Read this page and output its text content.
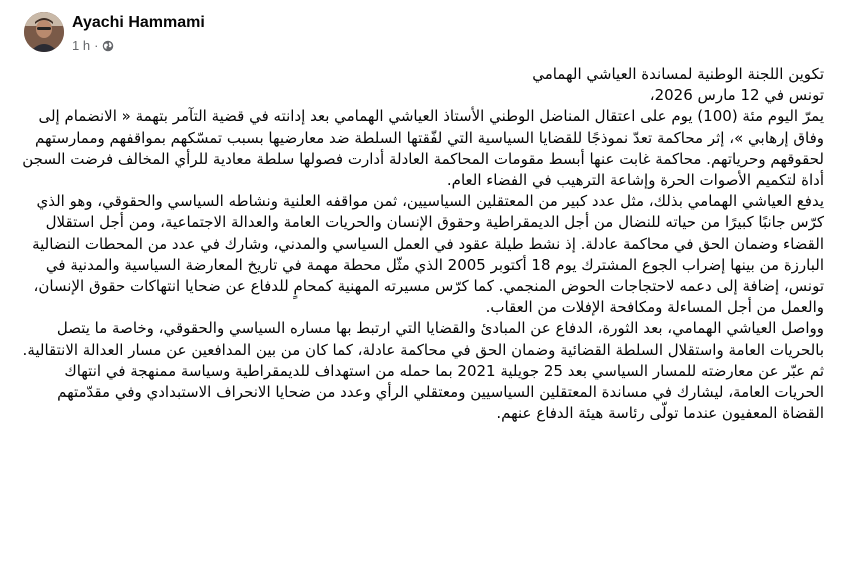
Ayachi Hammami
1 h ·

تكوين اللجنة الوطنية لمساندة العياشي الهمامي

تونس في 12 مارس 2026،

يمرّ اليوم مئة (100) يوم على اعتقال المناضل الوطني الأستاذ العياشي الهمامي بعد إدانته في قضية التآمر بتهمة « الانضمام إلى وفاق إرهابي »، إثر محاكمة تعدّ نموذجًا للقضايا السياسية التي لفّقتها السلطة ضد معارضيها بسبب تمسّكهم بمواقفهم وممارستهم لحقوقهم وحرياتهم. محاكمة غابت عنها أبسط مقومات المحاكمة العادلة أدارت فصولها سلطة معادية للرأي المخالف فرضت السجن أداة لتكميم الأصوات الحرة وإشاعة الترهيب في الفضاء العام.

يدفع العياشي الهمامي بذلك، مثل عدد كبير من المعتقلين السياسيين، ثمن مواقفه العلنية ونشاطه السياسي والحقوقي، وهو الذي كرّس جانبًا كبيرًا من حياته للنضال من أجل الديمقراطية وحقوق الإنسان والحريات العامة والعدالة الاجتماعية، ومن أجل استقلال القضاء وضمان الحق في محاكمة عادلة. إذ نشط طيلة عقود في العمل السياسي والمدني، وشارك في عدد من المحطات النضالية البارزة من بينها إضراب الجوع المشترك يوم 18 أكتوبر 2005 الذي مثّل محطة مهمة في تاريخ المعارضة السياسية والمدنية في تونس، إضافة إلى دعمه لاحتجاجات الحوض المنجمي. كما كرّس مسيرته المهنية كمحامٍ للدفاع عن ضحايا انتهاكات حقوق الإنسان، والعمل من أجل المساءلة ومكافحة الإفلات من العقاب.

وواصل العياشي الهمامي، بعد الثورة، الدفاع عن المبادئ والقضايا التي ارتبط بها مساره السياسي والحقوقي، وخاصة ما يتصل بالحريات العامة واستقلال السلطة القضائية وضمان الحق في محاكمة عادلة، كما كان من بين المدافعين عن مسار العدالة الانتقالية. ثم عبّر عن معارضته للمسار السياسي بعد 25 جويلية 2021 بما حمله من استهداف للديمقراطية وسياسة ممنهجة في انتهاك الحريات العامة، ليشارك في مساندة المعتقلين السياسيين ومعتقلي الرأي وعدد من ضحايا الانحراف الاستبدادي وفي مقدّمتهم القضاة المعفيون عندما تولّى رئاسة هيئة الدفاع عنهم.
